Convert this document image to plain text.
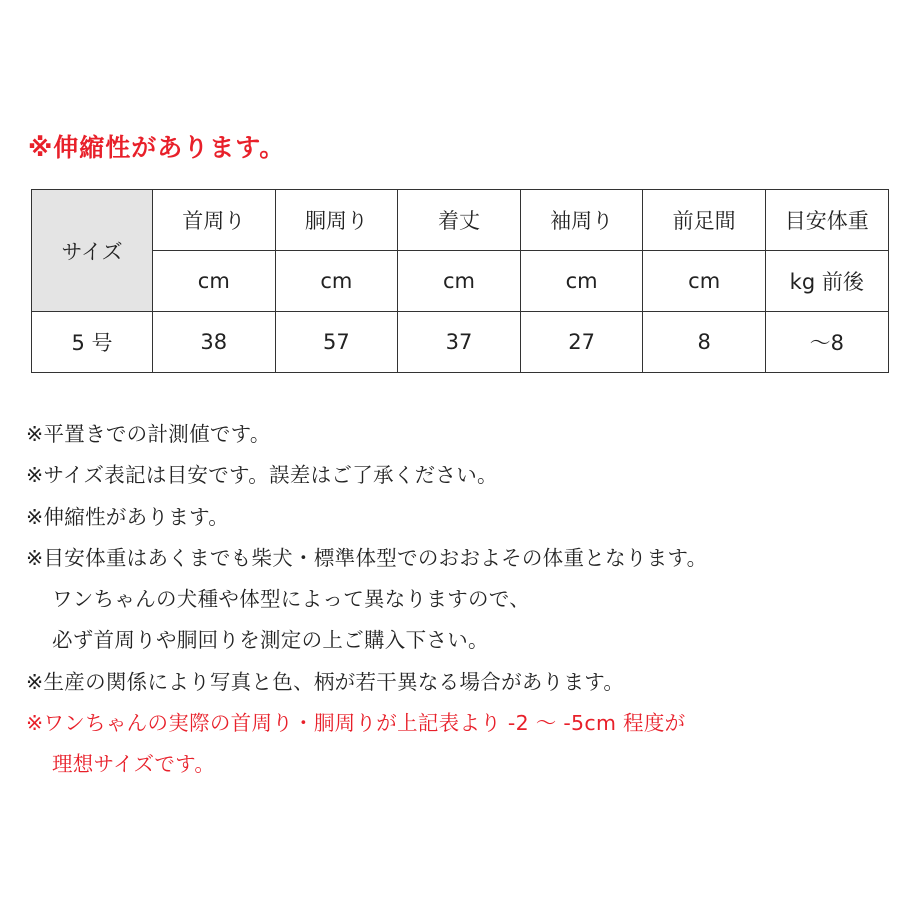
※伸縮性があります。
サイズ	首周り	胴周り	着丈	袖周り	前足間	目安体重
	cm	cm	cm	cm	cm	kg 前後
5 号	38	57	37	27	8	～8
※平置きでの計測値です。
※サイズ表記は目安です。誤差はご了承ください。
※伸縮性があります。
※目安体重はあくまでも柴犬・標準体型でのおおよその体重となります。
ワンちゃんの犬種や体型によって異なりますので、
必ず首周りや胴回りを測定の上ご購入下さい。
※生産の関係により写真と色、柄が若干異なる場合があります。
※ワンちゃんの実際の首周り・胴周りが上記表より -2 ～ -5cm 程度が
理想サイズです。
